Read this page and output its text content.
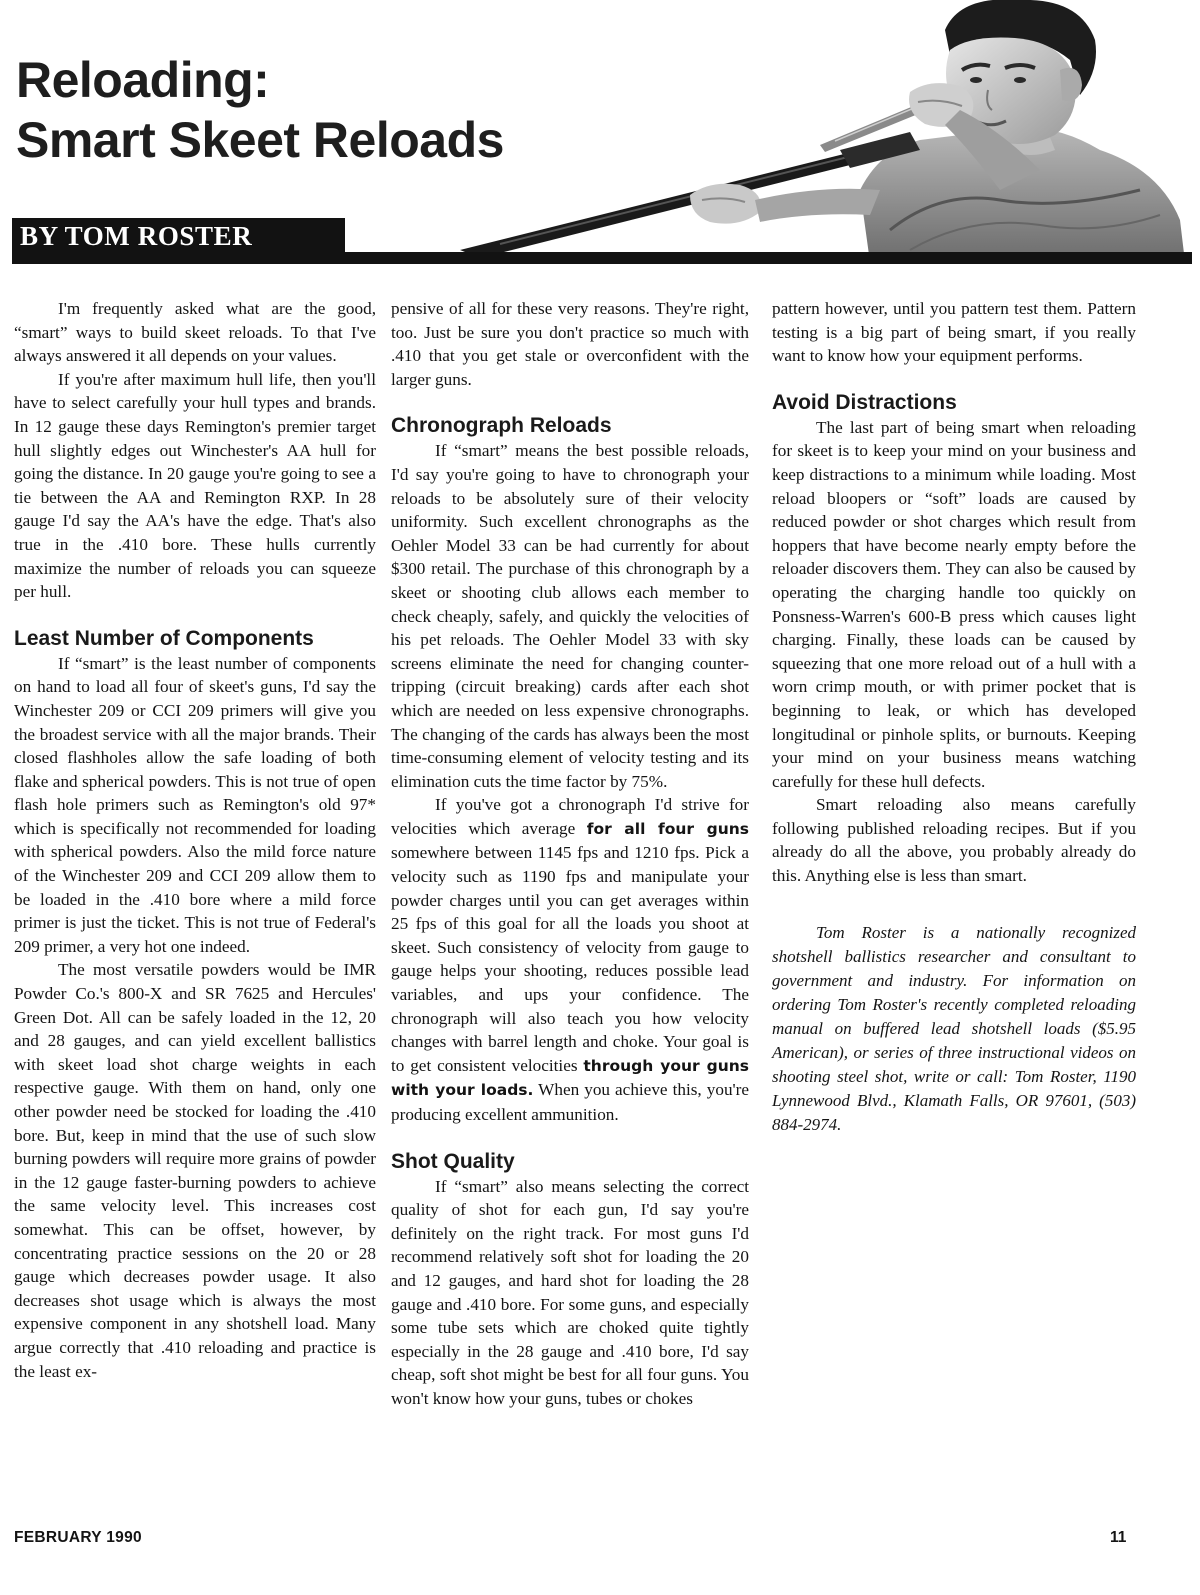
Reloading:
Smart Skeet Reloads
BY TOM ROSTER

I'm frequently asked what are the good, “smart” ways to build skeet reloads. To that I've always answered it all depends on your values.

If you're after maximum hull life, then you'll have to select carefully your hull types and brands. In 12 gauge these days Remington's premier target hull slightly edges out Winchester's AA hull for going the distance. In 20 gauge you're going to see a tie between the AA and Remington RXP. In 28 gauge I'd say the AA's have the edge. That's also true in the .410 bore. These hulls currently maximize the number of reloads you can squeeze per hull.

Least Number of Components

If “smart” is the least number of components on hand to load all four of skeet's guns, I'd say the Winchester 209 or CCI 209 primers will give you the broadest service with all the major brands. Their closed flashholes allow the safe loading of both flake and spherical powders. This is not true of open flash hole primers such as Remington's old 97* which is specifically not recommended for loading with spherical powders. Also the mild force nature of the Winchester 209 and CCI 209 allow them to be loaded in the .410 bore where a mild force primer is just the ticket. This is not true of Federal's 209 primer, a very hot one indeed.

The most versatile powders would be IMR Powder Co.'s 800-X and SR 7625 and Hercules' Green Dot. All can be safely loaded in the 12, 20 and 28 gauges, and can yield excellent ballistics with skeet load shot charge weights in each respective gauge. With them on hand, only one other powder need be stocked for loading the .410 bore. But, keep in mind that the use of such slow burning powders will require more grains of powder in the 12 gauge faster-burning powders to achieve the same velocity level. This increases cost somewhat. This can be offset, however, by concentrating practice sessions on the 20 or 28 gauge which decreases powder usage. It also decreases shot usage which is always the most expensive component in any shotshell load. Many argue correctly that .410 reloading and practice is the least ex-

pensive of all for these very reasons. They're right, too. Just be sure you don't practice so much with .410 that you get stale or overconfident with the larger guns.

Chronograph Reloads

If “smart” means the best possible reloads, I'd say you're going to have to chronograph your reloads to be absolutely sure of their velocity uniformity. Such excellent chronographs as the Oehler Model 33 can be had currently for about $300 retail. The purchase of this chronograph by a skeet or shooting club allows each member to check cheaply, safely, and quickly the velocities of his pet reloads. The Oehler Model 33 with sky screens eliminate the need for changing counter-tripping (circuit breaking) cards after each shot which are needed on less expensive chronographs. The changing of the cards has always been the most time-consuming element of velocity testing and its elimination cuts the time factor by 75%.

If you've got a chronograph I'd strive for velocities which average for all four guns somewhere between 1145 fps and 1210 fps. Pick a velocity such as 1190 fps and manipulate your powder charges until you can get averages within 25 fps of this goal for all the loads you shoot at skeet. Such consistency of velocity from gauge to gauge helps your shooting, reduces possible lead variables, and ups your confidence. The chronograph will also teach you how velocity changes with barrel length and choke. Your goal is to get consistent velocities through your guns with your loads. When you achieve this, you're producing excellent ammunition.

Shot Quality

If “smart” also means selecting the correct quality of shot for each gun, I'd say you're definitely on the right track. For most guns I'd recommend relatively soft shot for loading the 20 and 12 gauges, and hard shot for loading the 28 gauge and .410 bore. For some guns, and especially some tube sets which are choked quite tightly especially in the 28 gauge and .410 bore, I'd say cheap, soft shot might be best for all four guns. You won't know how your guns, tubes or chokes

pattern however, until you pattern test them. Pattern testing is a big part of being smart, if you really want to know how your equipment performs.

Avoid Distractions

The last part of being smart when reloading for skeet is to keep your mind on your business and keep distractions to a minimum while loading. Most reload bloopers or “soft” loads are caused by reduced powder or shot charges which result from hoppers that have become nearly empty before the reloader discovers them. They can also be caused by operating the charging handle too quickly on Ponsness-Warren's 600-B press which causes light charging. Finally, these loads can be caused by squeezing that one more reload out of a hull with a worn crimp mouth, or with primer pocket that is beginning to leak, or which has developed longitudinal or pinhole splits, or burnouts. Keeping your mind on your business means watching carefully for these hull defects.

Smart reloading also means carefully following published reloading recipes. But if you already do all the above, you probably already do this. Anything else is less than smart.

Tom Roster is a nationally recognized shotshell ballistics researcher and consultant to government and industry. For information on ordering Tom Roster's recently completed reloading manual on buffered lead shotshell loads ($5.95 American), or series of three instructional videos on shooting steel shot, write or call: Tom Roster, 1190 Lynnewood Blvd., Klamath Falls, OR 97601, (503) 884-2974.

FEBRUARY 1990	11
